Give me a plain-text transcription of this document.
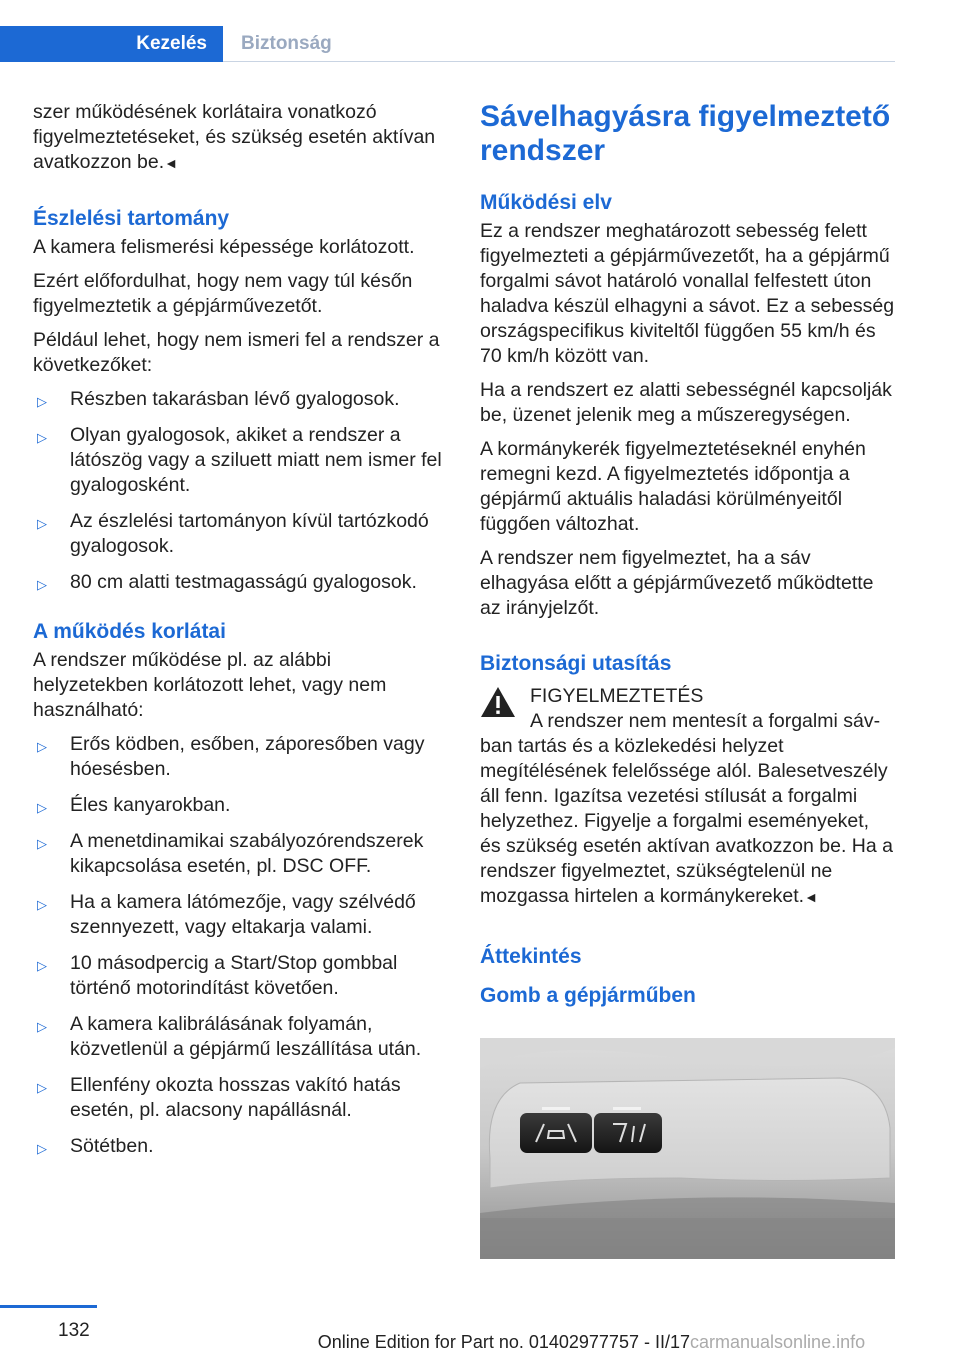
Kezelés Biztonság

szer működésének korlátaira vonatkozó figyelmeztetéseket, és szükség esetén aktívan avatkozzon be.◄

Észlelési tartomány

A kamera felismerési képessége korlátozott.

Ezért előfordulhat, hogy nem vagy túl későn figyelmeztetik a gépjárművezetőt.

Például lehet, hogy nem ismeri fel a rendszer a következőket:

▷ Részben takarásban lévő gyalogosok.
▷ Olyan gyalogosok, akiket a rendszer a látószög vagy a sziluett miatt nem ismer fel gyalogosként.
▷ Az észlelési tartományon kívül tartózkodó gyalogosok.
▷ 80 cm alatti testmagasságú gyalogosok.
A működés korlátai

A rendszer működése pl. az alábbi helyzetekben korlátozott lehet, vagy nem használható:

▷ Erős ködben, esőben, záporesőben vagy hóesésben.
▷ Éles kanyarokban.
▷ A menetdinamikai szabályozórendszerek kikapcsolása esetén, pl. DSC OFF.
▷ Ha a kamera látómezője, vagy szélvédő szennyezett, vagy eltakarja valami.
▷ 10 másodpercig a Start/Stop gombbal történő motorindítást követően.
▷ A kamera kalibrálásának folyamán, közvetlenül a gépjármű leszállítása után.
▷ Ellenfény okozta hosszas vakító hatás esetén, pl. alacsony napállásnál.
▷ Sötétben.
Sávelhagyásra figyelmeztető rendszer
Működési elv

Ez a rendszer meghatározott sebesség felett figyelmezteti a gépjárművezetőt, ha a gépjármű forgalmi sávot határoló vonallal felfestett úton haladva készül elhagyni a sávot. Ez a sebesség országspecifikus kiviteltől függően 55 km/h és 70 km/h között van.

Ha a rendszert ez alatti sebességnél kapcsolják be, üzenet jelenik meg a műszeregységen.

A kormánykerék figyelmeztetéseknél enyhén remegni kezd. A figyelmeztetés időpontja a gépjármű aktuális haladási körülményeitől függően változhat.

A rendszer nem figyelmeztet, ha a sáv elhagyása előtt a gépjárművezető működtette az irányjelzőt.

Biztonsági utasítás
FIGYELMEZTETÉS
A rendszer nem mentesít a forgalmi sáv-

ban tartás és a közlekedési helyzet megítélésének felelőssége alól. Balesetveszély áll fenn. Igazítsa vezetési stílusát a forgalmi helyzethez. Figyelje a forgalmi eseményeket, és szükség esetén aktívan avatkozzon be. Ha a rendszer figyelmeztet, szükségtelenül ne mozgassa hirtelen a kormánykereket.◄

Áttekintés
Gomb a gépjárműben
132
Online Edition for Part no. 01402977757 - II/17 carmanualsonline.info
